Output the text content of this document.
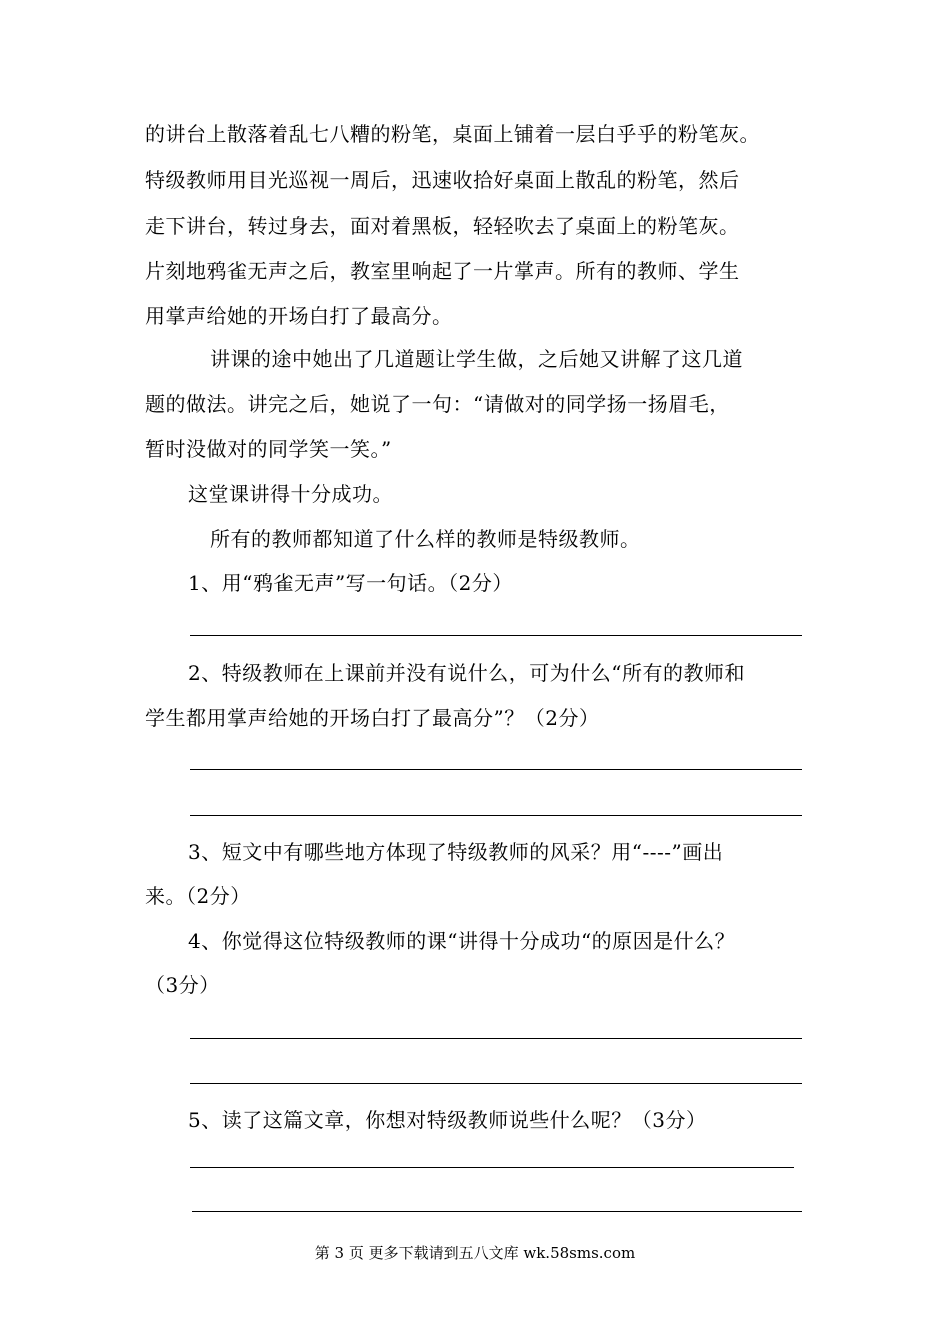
的讲台上散落着乱七八糟的粉笔，桌面上铺着一层白乎乎的粉笔灰。
特级教师用目光巡视一周后，迅速收拾好桌面上散乱的粉笔，然后
走下讲台，转过身去，面对着黑板，轻轻吹去了桌面上的粉笔灰。
片刻地鸦雀无声之后，教室里响起了一片掌声。所有的教师、学生
用掌声给她的开场白打了最高分。
讲课的途中她出了几道题让学生做，之后她又讲解了这几道
题的做法。讲完之后，她说了一句：“请做对的同学扬一扬眉毛，
暂时没做对的同学笑一笑。”
这堂课讲得十分成功。
所有的教师都知道了什么样的教师是特级教师。
1、用“鸦雀无声”写一句话。（2分）
2、特级教师在上课前并没有说什么，可为什么“所有的教师和
学生都用掌声给她的开场白打了最高分”？（2分）
3、短文中有哪些地方体现了特级教师的风采？用“----”画出
来。（2分）
4、你觉得这位特级教师的课“讲得十分成功“的原因是什么？
（3分）
5、读了这篇文章，你想对特级教师说些什么呢？（3分）
第 3 页 更多下载请到五八文库 wk.58sms.com
